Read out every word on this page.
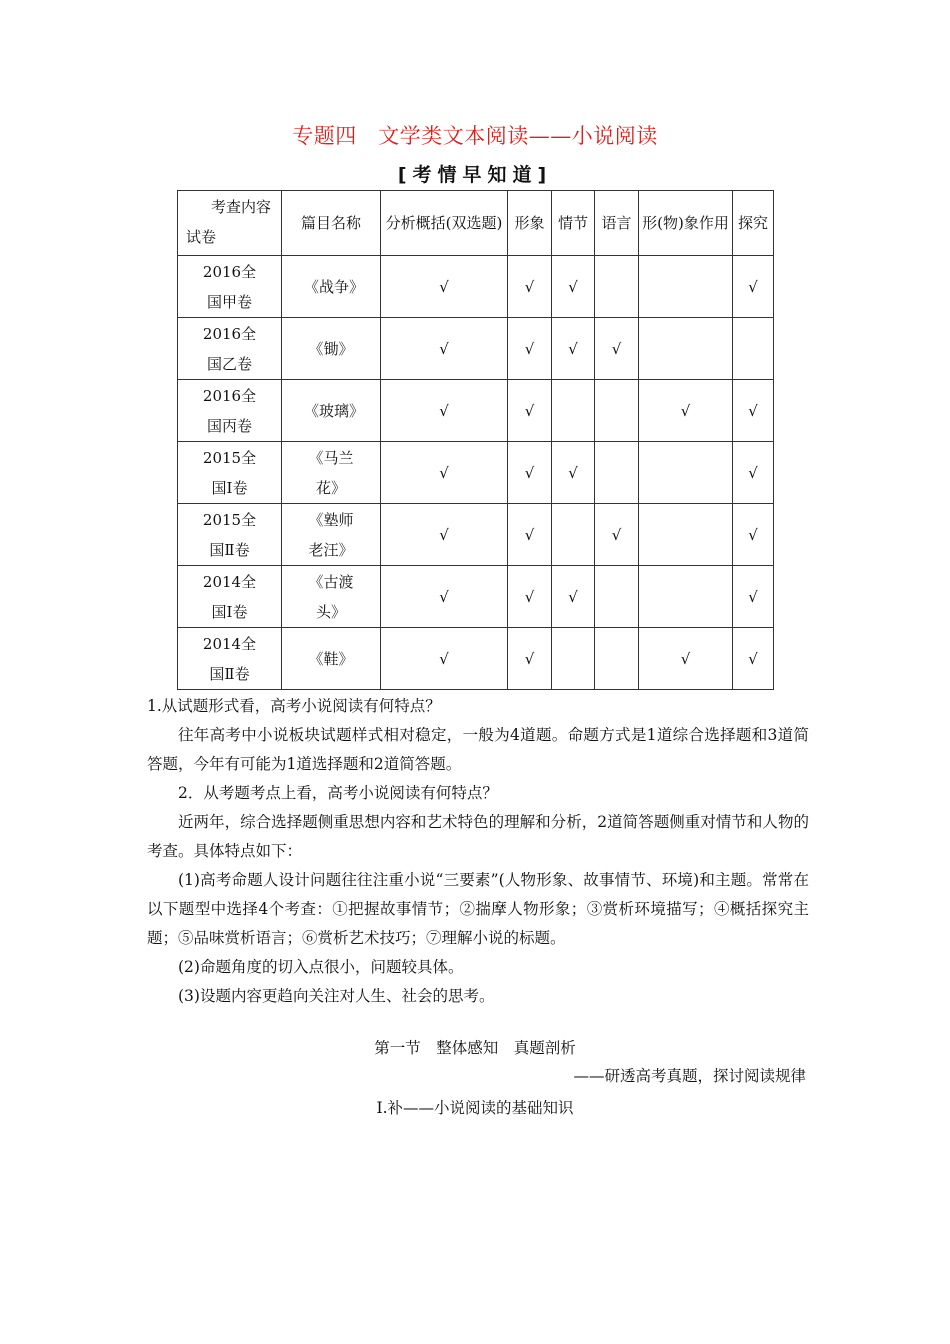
专题四　文学类文本阅读——小说阅读
[考情早知道]
考查内容
试卷	篇目名称	分析概括(双选题)	形象	情节	语言	形(物)象作用	探究
2016全国甲卷	《战争》	√	√	√			√
2016全国乙卷	《锄》	√	√	√	√		
2016全国丙卷	《玻璃》	√	√			√	√
2015全国Ⅰ卷	《马兰花》	√	√	√			√
2015全国Ⅱ卷	《塾师老汪》	√	√		√		√
2014全国Ⅰ卷	《古渡头》	√	√	√			√
2014全国Ⅱ卷	《鞋》	√	√			√	√

1.从试题形式看，高考小说阅读有何特点？

往年高考中小说板块试题样式相对稳定，一般为4道题。命题方式是1道综合选择题和3道简答题，今年有可能为1道选择题和2道简答题。

2．从考题考点上看，高考小说阅读有何特点？

近两年，综合选择题侧重思想内容和艺术特色的理解和分析，2道简答题侧重对情节和人物的考查。具体特点如下：

(1)高考命题人设计问题往往注重小说“三要素”(人物形象、故事情节、环境)和主题。常常在以下题型中选择4个考查：①把握故事情节；②揣摩人物形象；③赏析环境描写；④概括探究主题；⑤品味赏析语言；⑥赏析艺术技巧；⑦理解小说的标题。

(2)命题角度的切入点很小，问题较具体。

(3)设题内容更趋向关注对人生、社会的思考。

第一节　整体感知　真题剖析
——研透高考真题，探讨阅读规律
Ⅰ.补——小说阅读的基础知识
